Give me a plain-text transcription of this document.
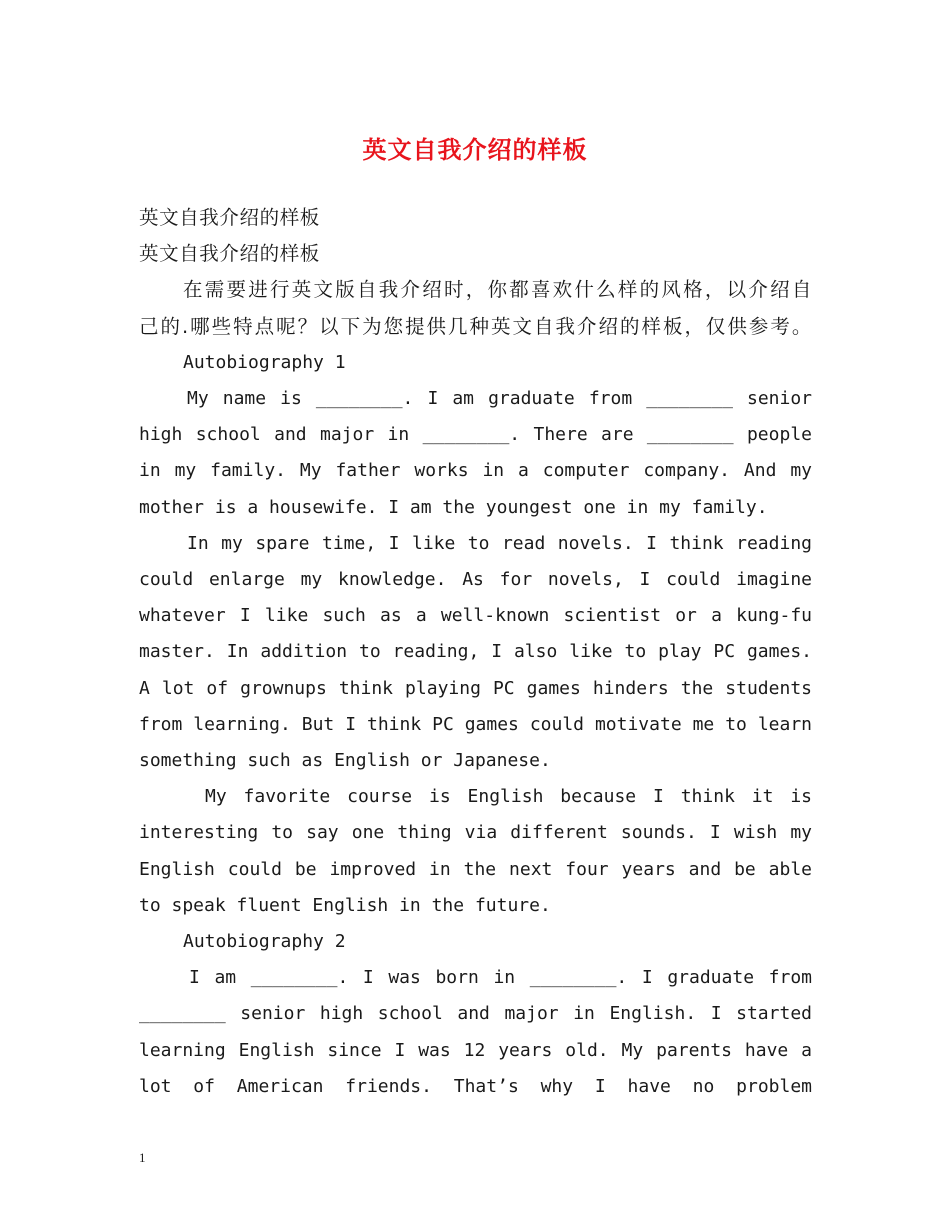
英文自我介绍的样板
英文自我介绍的样板
英文自我介绍的样板
在需要进行英文版自我介绍时，你都喜欢什么样的风格，以介绍自
己的.哪些特点呢？以下为您提供几种英文自我介绍的样板，仅供参考。
Autobiography 1
My name is ________. I am graduate from ________ senior
high school and major in ________. There are ________ people
in my family. My father works in a computer company. And my
mother is a housewife. I am the youngest one in my family.
In my spare time, I like to read novels. I think reading
could enlarge my knowledge. As for novels, I could imagine
whatever I like such as a well-known scientist or a kung-fu
master. In addition to reading, I also like to play PC games.
A lot of grownups think playing PC games hinders the students
from learning. But I think PC games could motivate me to learn
something such as English or Japanese.
My favorite course is English because I think it is
interesting to say one thing via different sounds. I wish my
English could be improved in the next four years and be able
to speak fluent English in the future.
Autobiography 2
I am ________. I was born in ________. I graduate from
________ senior high school and major in English. I started
learning English since I was 12 years old. My parents have a
lot of American friends. That’s why I have no problem
1
